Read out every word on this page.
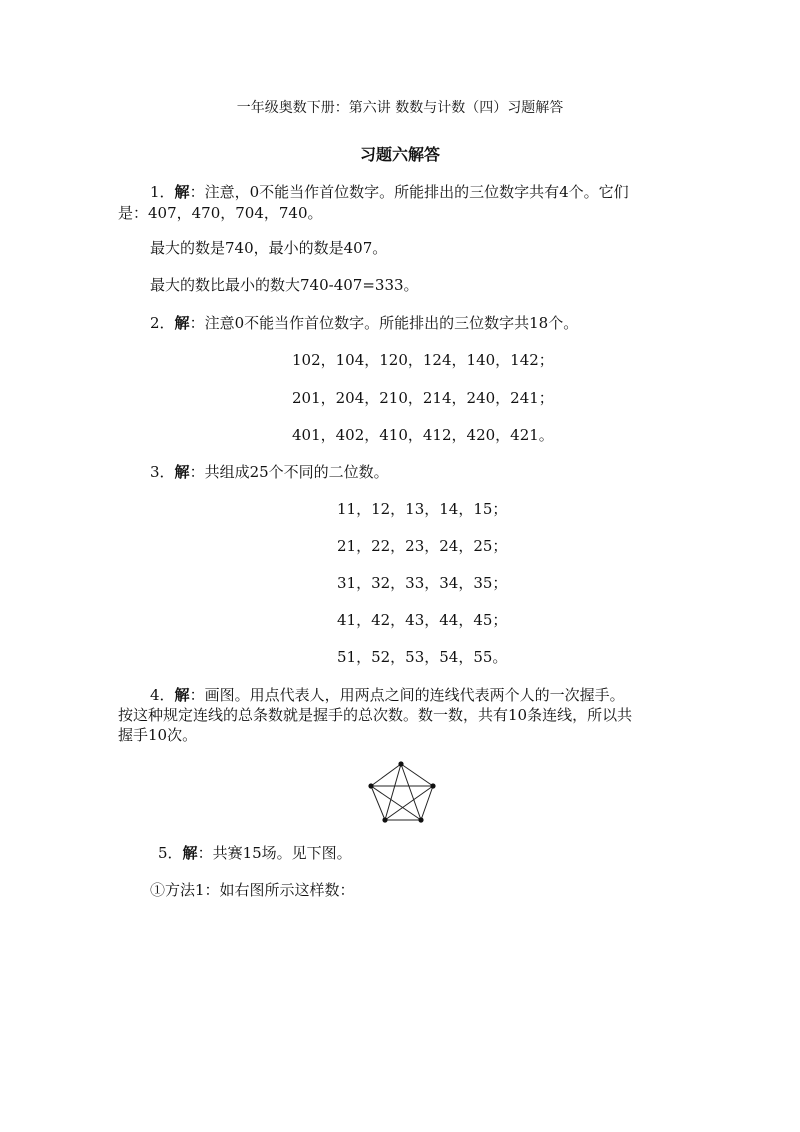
一年级奥数下册：第六讲 数数与计数（四）习题解答
习题六解答
1．解：注意，0不能当作首位数字。所能排出的三位数字共有4个。它们
是：407，470，704，740。
最大的数是740，最小的数是407。
最大的数比最小的数大740-407=333。
2．解：注意0不能当作首位数字。所能排出的三位数字共18个。
102，104，120，124，140，142；
201，204，210，214，240，241；
401，402，410，412，420，421。
3．解：共组成25个不同的二位数。
11，12，13，14，15；
21，22，23，24，25；
31，32，33，34，35；
41，42，43，44，45；
51，52，53，54，55。
4．解：画图。用点代表人，用两点之间的连线代表两个人的一次握手。
按这种规定连线的总条数就是握手的总次数。数一数，共有10条连线，所以共
握手10次。
5．解：共赛15场。见下图。
①方法1：如右图所示这样数：
